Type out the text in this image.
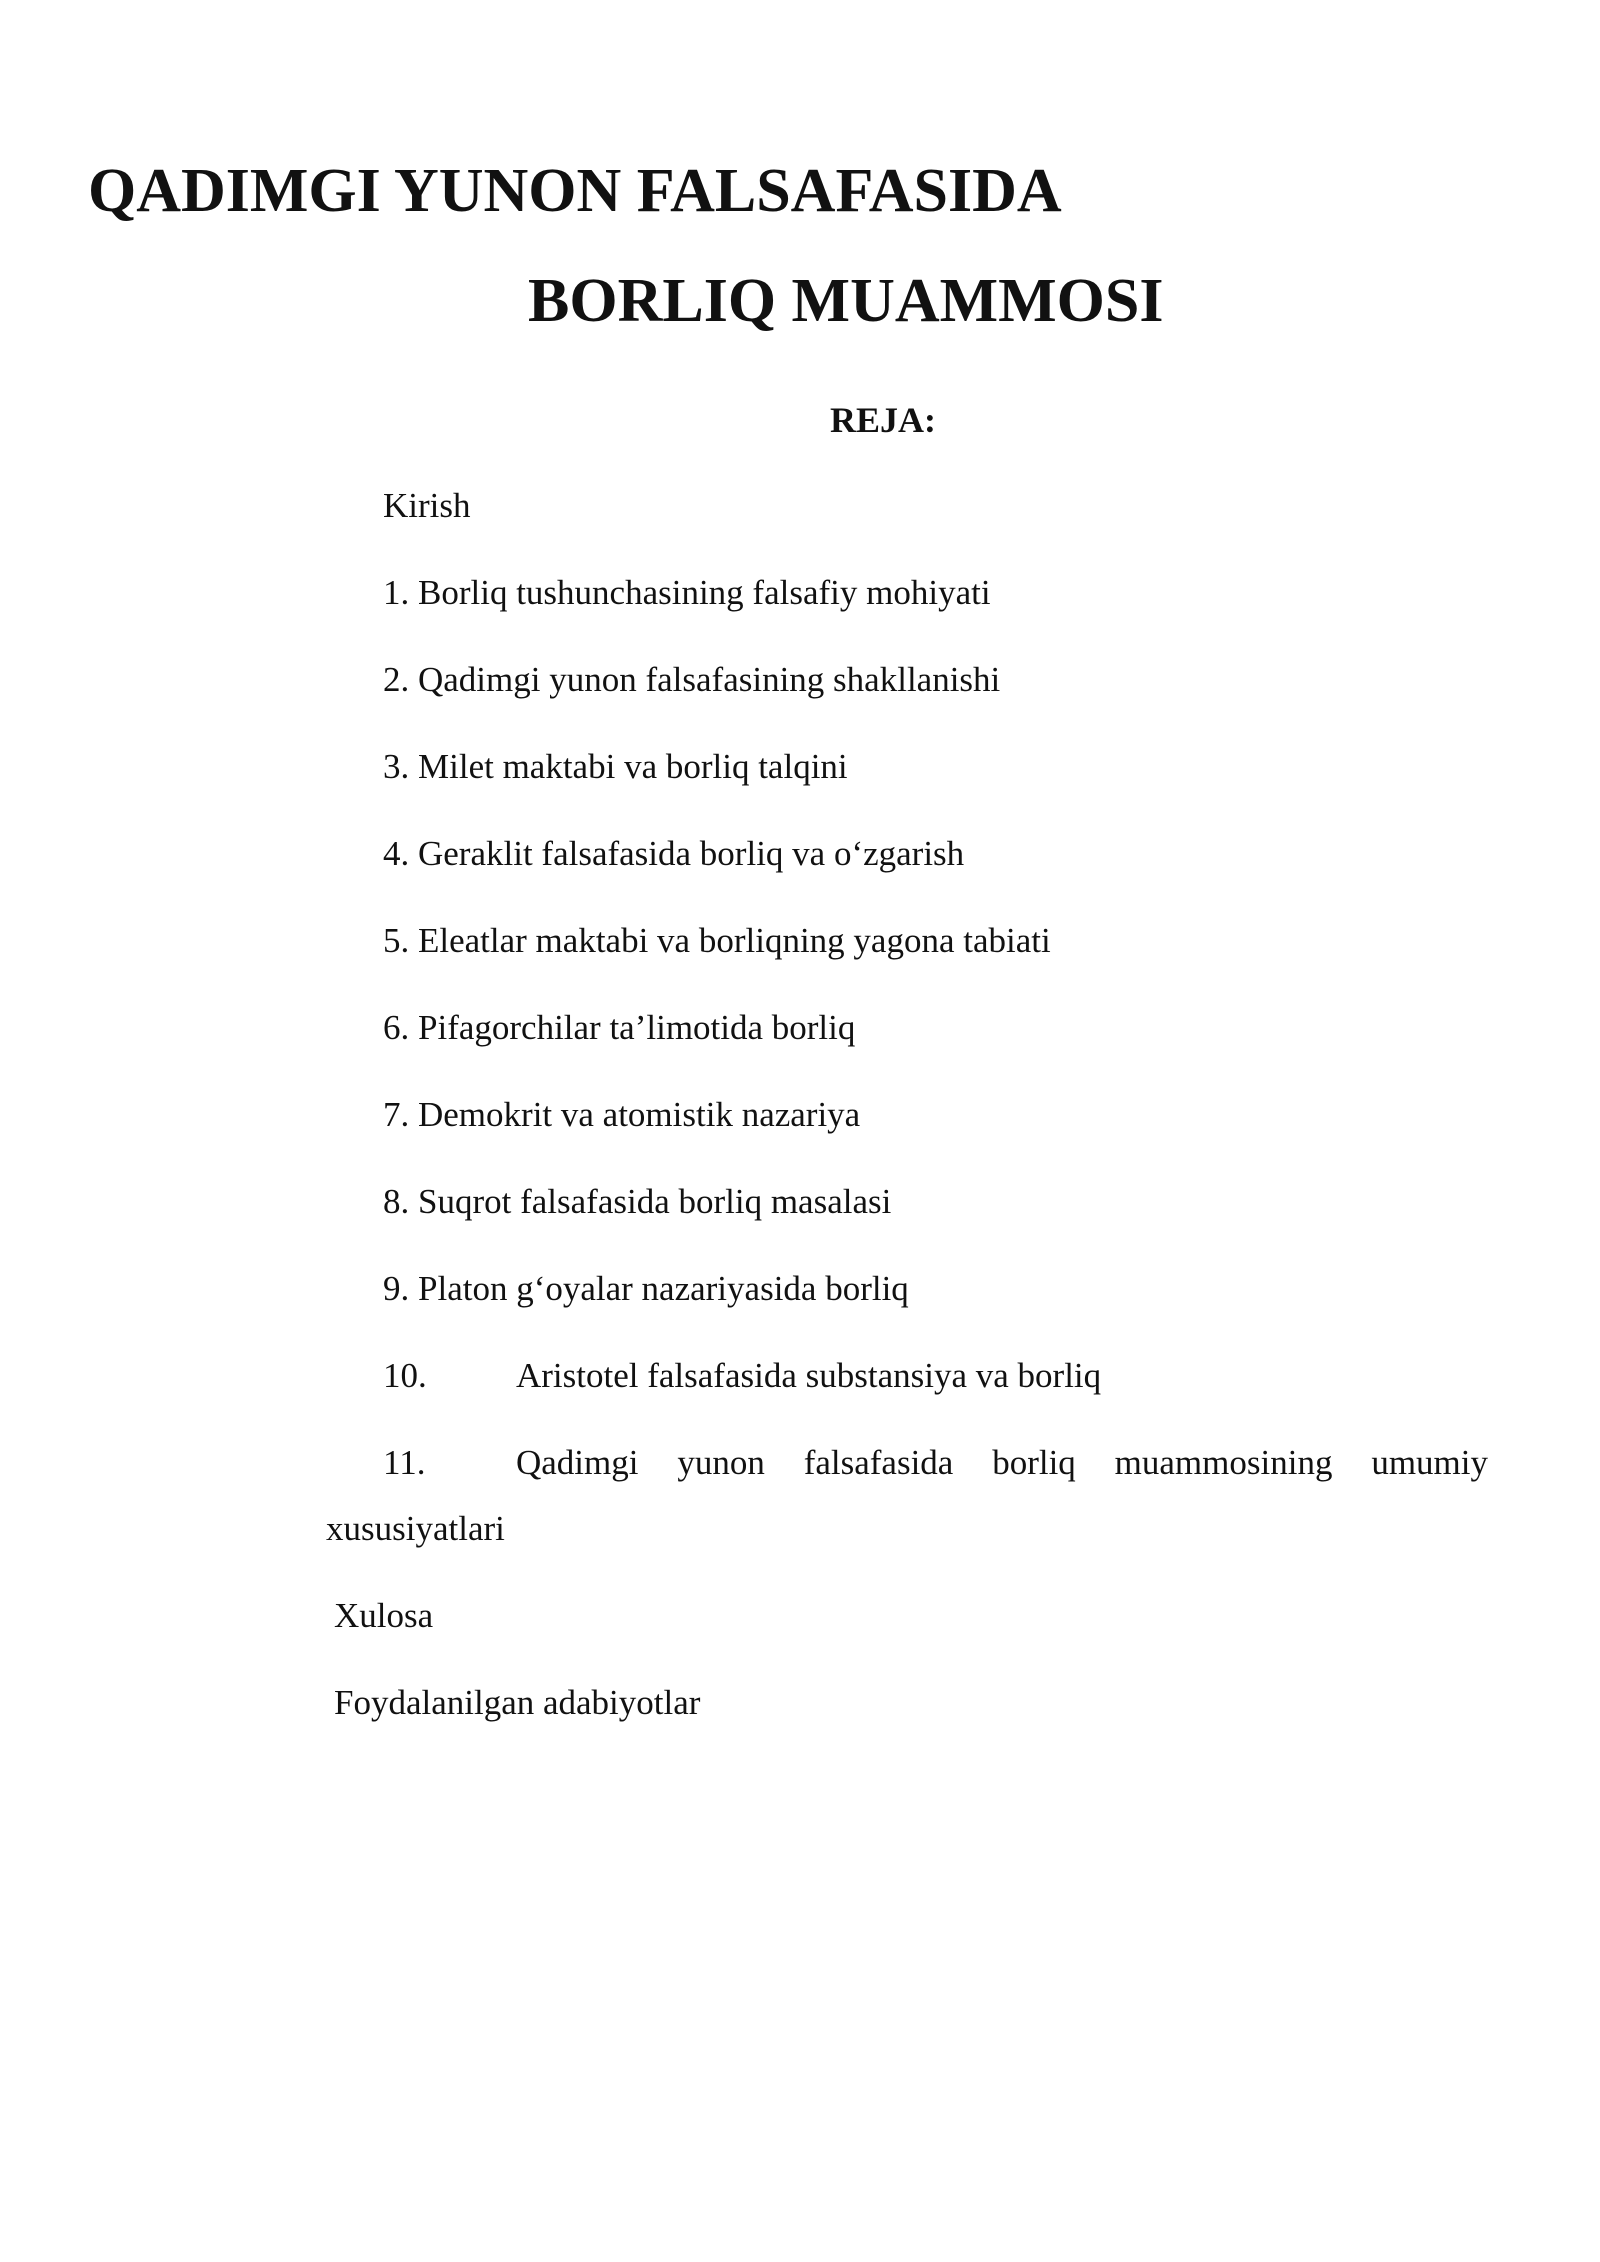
QADIMGI YUNON FALSAFASIDA
BORLIQ MUAMMOSI
REJA:
Kirish
1. Borliq tushunchasining falsafiy mohiyati
2. Qadimgi yunon falsafasining shakllanishi
3. Milet maktabi va borliq talqini
4. Geraklit falsafasida borliq va o‘zgarish
5. Eleatlar maktabi va borliqning yagona tabiati
6. Pifagorchilar ta’limotida borliq
7. Demokrit va atomistik nazariya
8. Suqrot falsafasida borliq masalasi
9. Platon g‘oyalar nazariyasida borliq
10.	Aristotel falsafasida substansiya va borliq
11.	Qadimgi yunon falsafasida borliq muammosining umumiy
xususiyatlari
Xulosa
Foydalanilgan adabiyotlar
